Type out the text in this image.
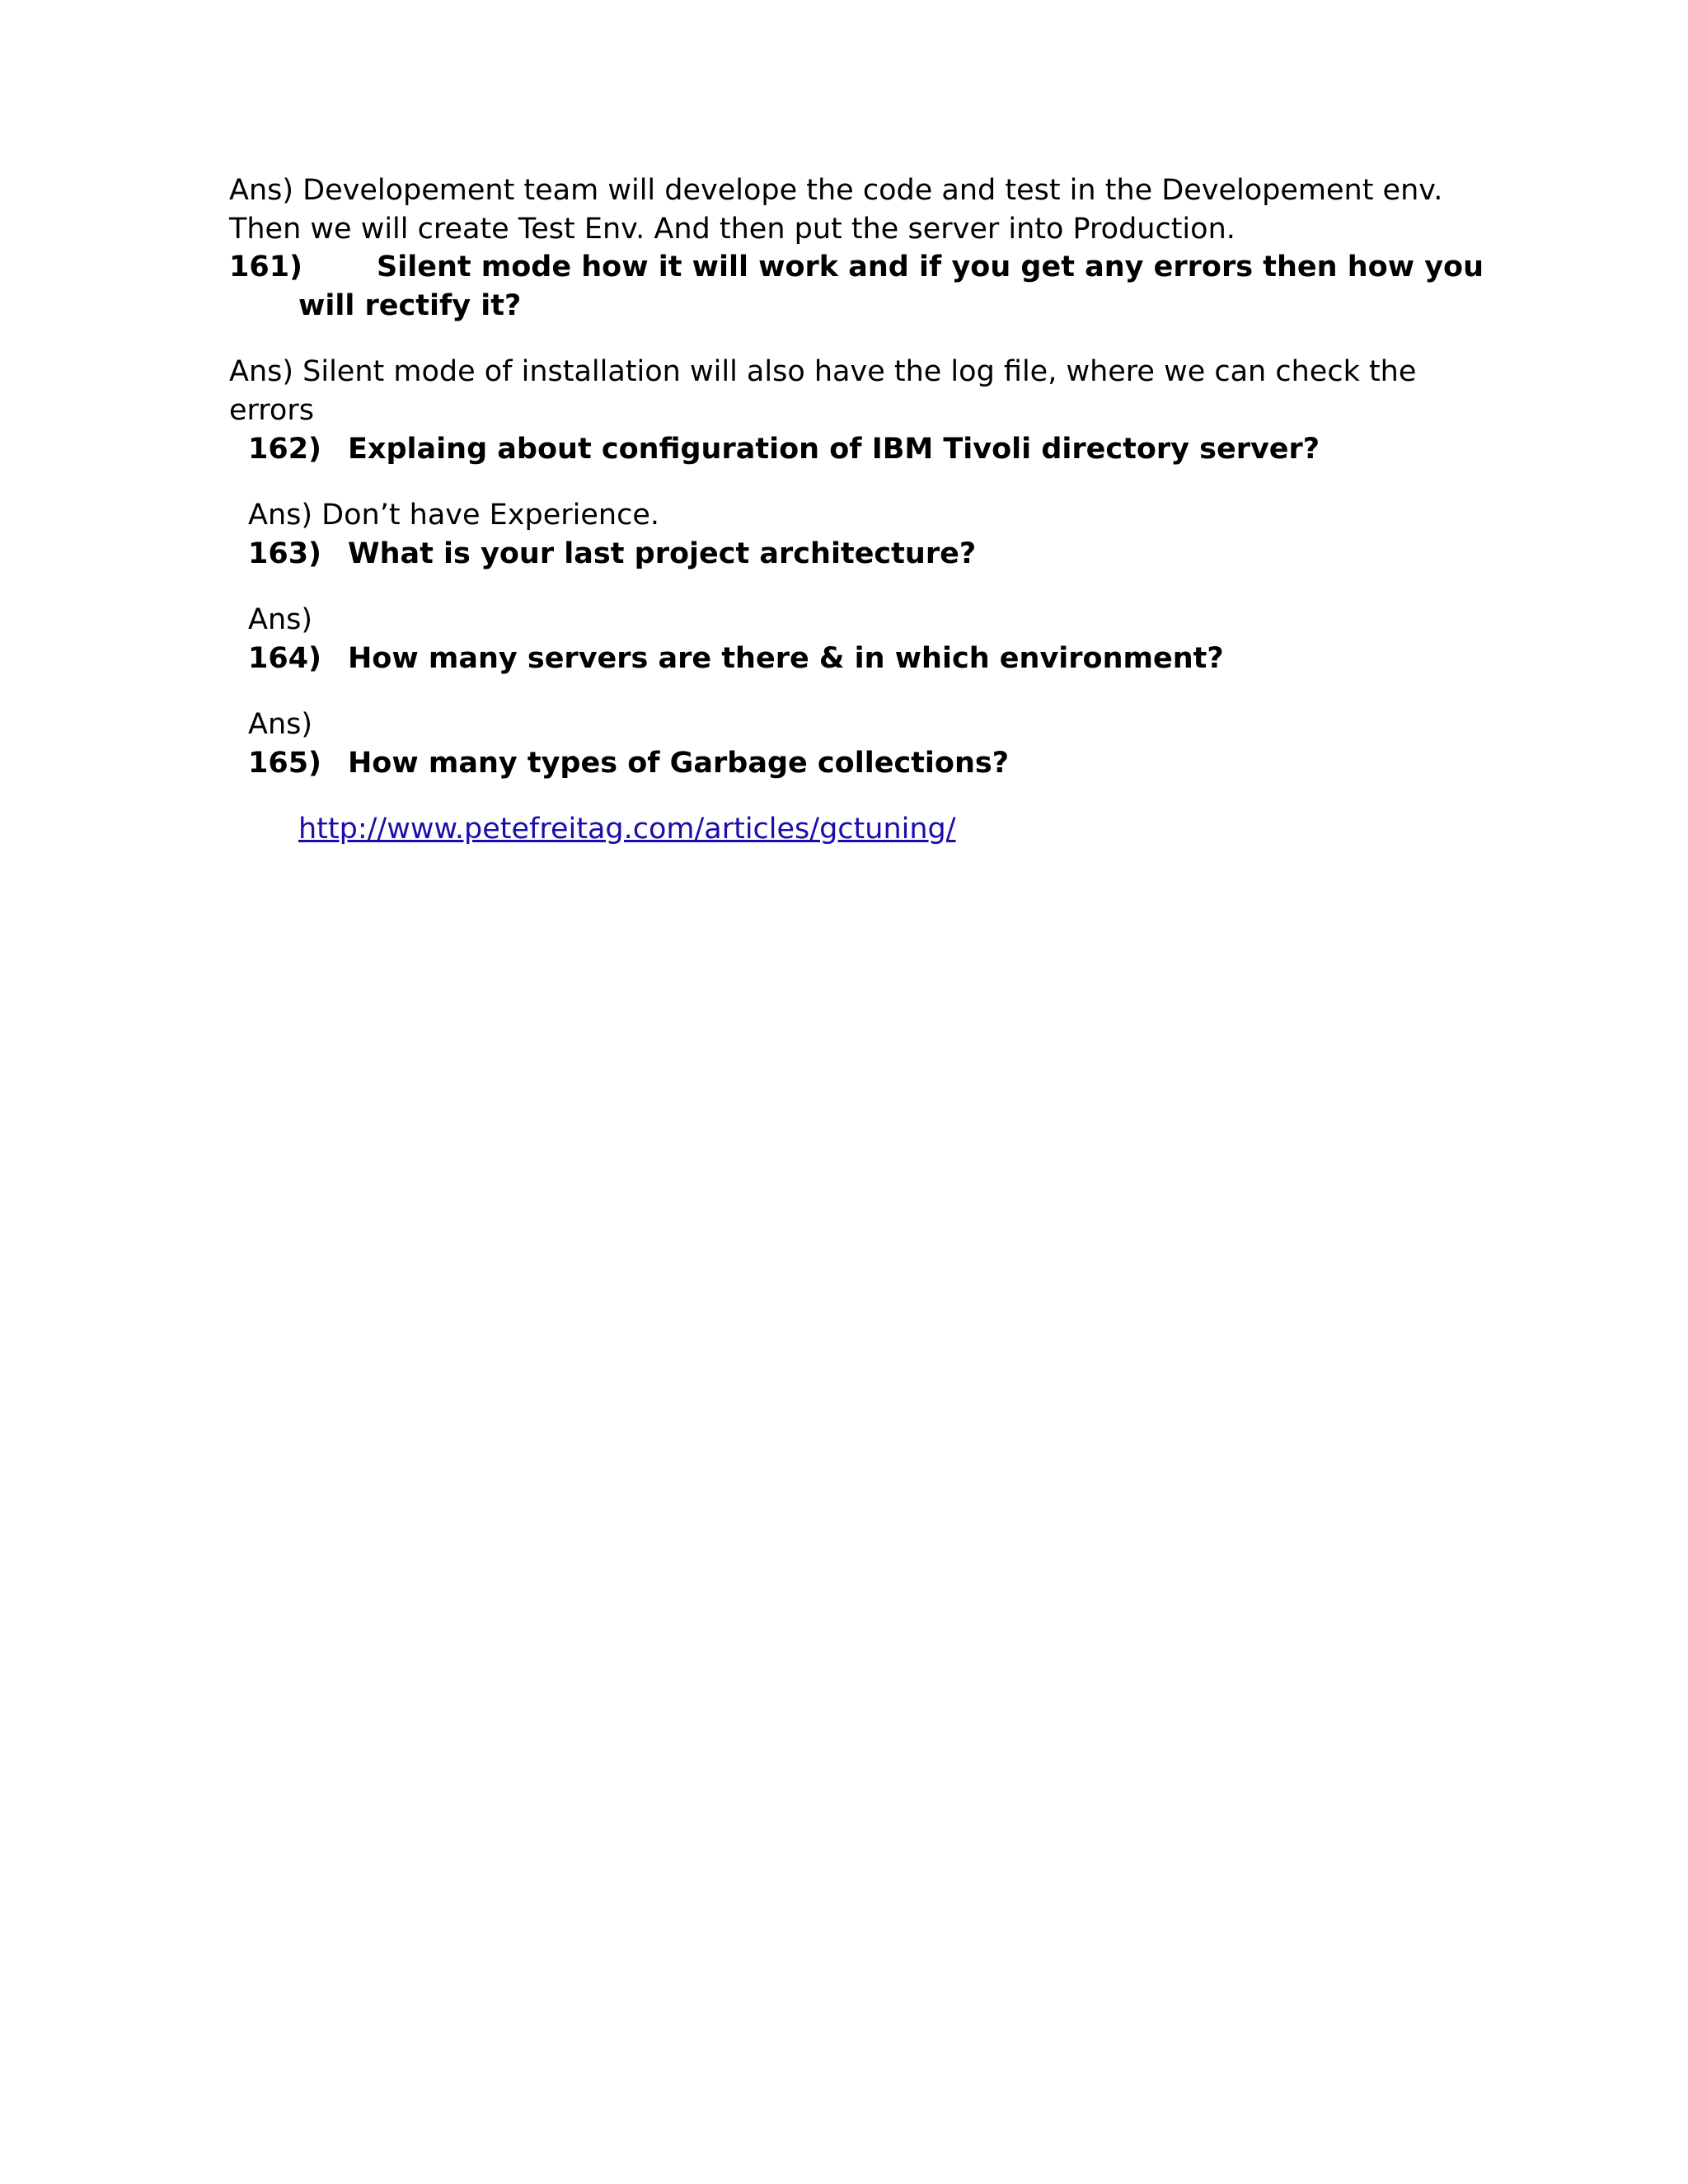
Ans) Developement team will develope the code and test in the Developement env.
Then we will create Test Env. And then put the server into Production.
161)	Silent mode how it will work and if you get any errors then how you
will rectify it?
Ans) Silent mode of installation will also have the log file, where we can check the
errors
162) Explaing about configuration of IBM Tivoli directory server?
Ans) Don’t have Experience.
163) What is your last project architecture?
Ans)
164) How many servers are there & in which environment?
Ans)
165) How many types of Garbage collections?
http://www.petefreitag.com/articles/gctuning/
